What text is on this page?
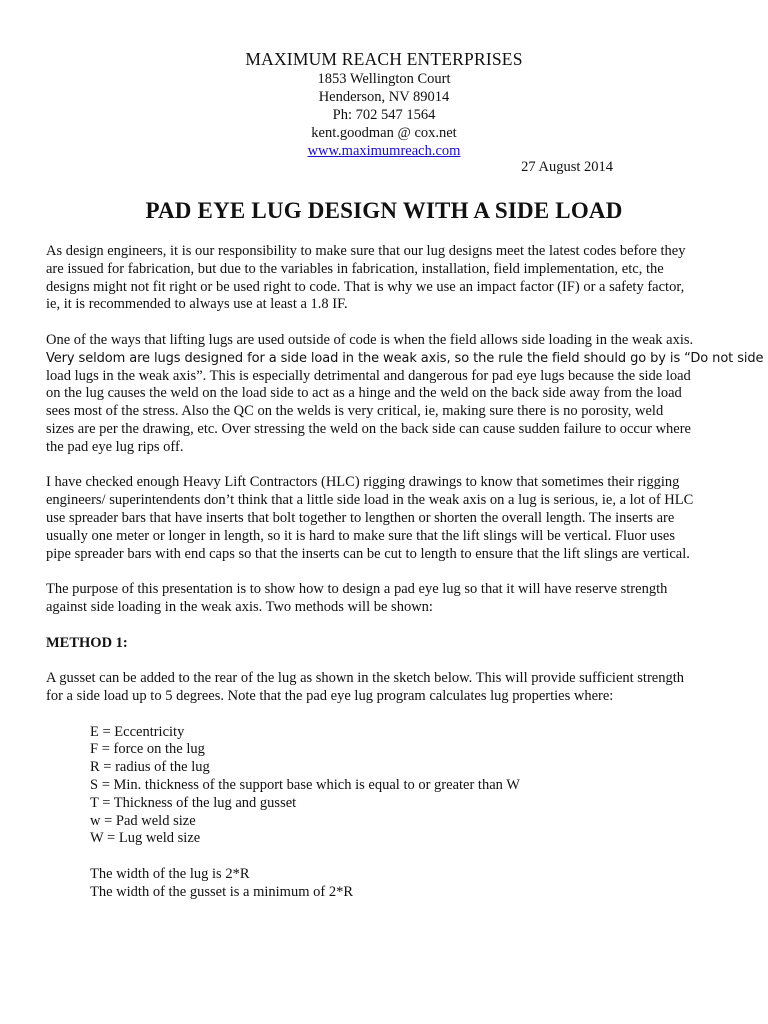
MAXIMUM REACH ENTERPRISES
1853 Wellington Court
Henderson, NV 89014
Ph: 702 547 1564
kent.goodman @ cox.net
www.maximumreach.com
27 August 2014
PAD EYE LUG DESIGN WITH A SIDE LOAD
As design engineers, it is our responsibility to make sure that our lug designs meet the latest codes before they
are issued for fabrication, but due to the variables in fabrication, installation, field implementation, etc, the
designs might not fit right or be used right to code. That is why we use an impact factor (IF) or a safety factor,
ie, it is recommended to always use at least a 1.8 IF.
One of the ways that lifting lugs are used outside of code is when the field allows side loading in the weak axis.
Very seldom are lugs designed for a side load in the weak axis, so the rule the field should go by is “Do not side
load lugs in the weak axis”. This is especially detrimental and dangerous for pad eye lugs because the side load
on the lug causes the weld on the load side to act as a hinge and the weld on the back side away from the load
sees most of the stress. Also the QC on the welds is very critical, ie, making sure there is no porosity, weld
sizes are per the drawing, etc. Over stressing the weld on the back side can cause sudden failure to occur where
the pad eye lug rips off.
I have checked enough Heavy Lift Contractors (HLC) rigging drawings to know that sometimes their rigging
engineers/ superintendents don’t think that a little side load in the weak axis on a lug is serious, ie, a lot of HLC
use spreader bars that have inserts that bolt together to lengthen or shorten the overall length. The inserts are
usually one meter or longer in length, so it is hard to make sure that the lift slings will be vertical. Fluor uses
pipe spreader bars with end caps so that the inserts can be cut to length to ensure that the lift slings are vertical.
The purpose of this presentation is to show how to design a pad eye lug so that it will have reserve strength
against side loading in the weak axis. Two methods will be shown:
METHOD 1:
A gusset can be added to the rear of the lug as shown in the sketch below. This will provide sufficient strength
for a side load up to 5 degrees. Note that the pad eye lug program calculates lug properties where:
E = Eccentricity
F = force on the lug
R = radius of the lug
S = Min. thickness of the support base which is equal to or greater than W
T = Thickness of the lug and gusset
w = Pad weld size
W = Lug weld size
The width of the lug is 2*R
The width of the gusset is a minimum of 2*R
